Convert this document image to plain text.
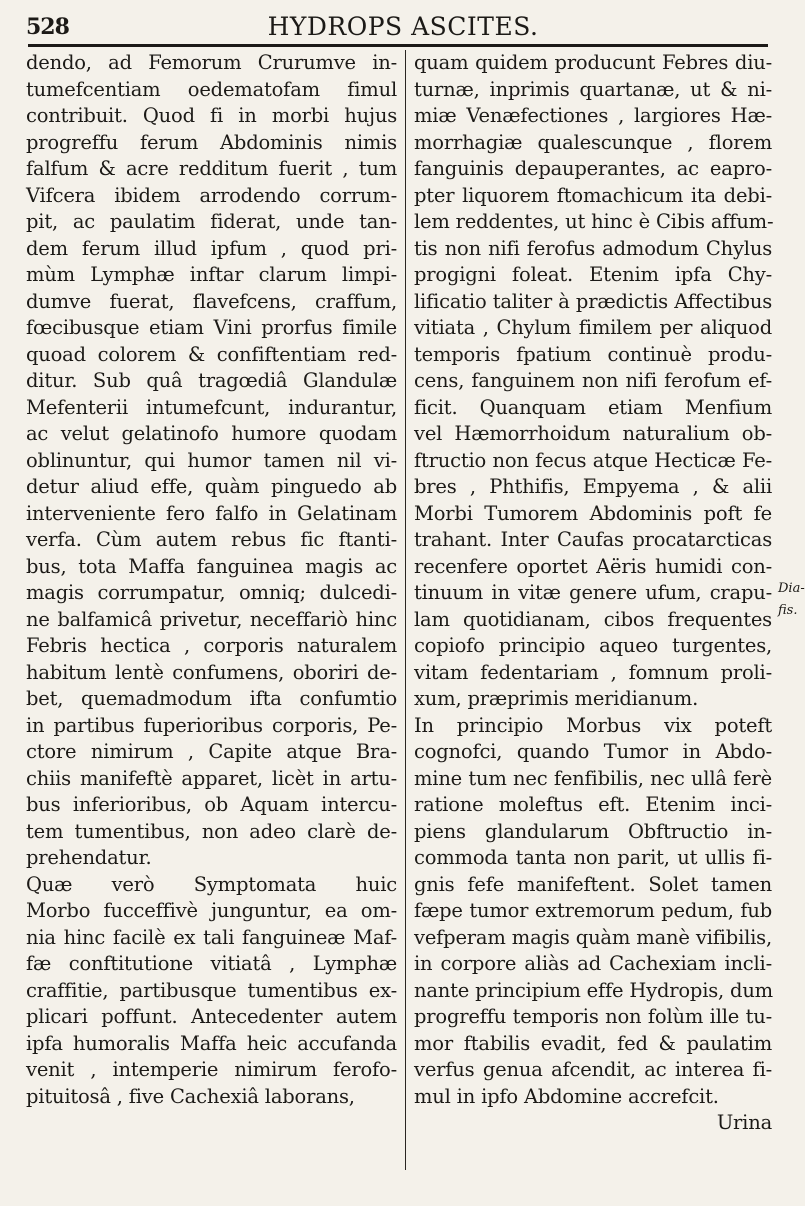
528	HYDROPS ASCITES.
dendo, ad Femorum Crurumve in-
tumefcentiam oedematofam fimul
contribuit. Quod fi in morbi hujus
progreffu ferum Abdominis nimis
falfum & acre redditum fuerit , tum
Vifcera ibidem arrodendo corrum-
pit, ac paulatim fiderat, unde tan-
dem ferum illud ipfum , quod pri-
mùm Lymphæ inftar clarum limpi-
dumve fuerat, flavefcens, craffum,
fœcibusque etiam Vini prorfus fimile
quoad colorem & confiftentiam red-
ditur. Sub quâ tragœdiâ Glandulæ
Mefenterii intumefcunt, indurantur,
ac velut gelatinofo humore quodam
oblinuntur, qui humor tamen nil vi-
detur aliud effe, quàm pinguedo ab
interveniente fero falfo in Gelatinam
verfa. Cùm autem rebus fic ftanti-
bus, tota Maffa fanguinea magis ac
magis corrumpatur, omniq; dulcedi-
ne balfamicâ privetur, neceffariò hinc
Febris hectica , corporis naturalem
habitum lentè confumens, oboriri de-
bet, quemadmodum ifta confumtio
in partibus fuperioribus corporis, Pe-
ctore nimirum , Capite atque Bra-
chiis manifeftè apparet, licèt in artu-
bus inferioribus, ob Aquam intercu-
tem tumentibus, non adeo clarè de-
prehendatur.
Quæ verò Symptomata huic
Morbo fucceffivè junguntur, ea om-
nia hinc facilè ex tali fanguineæ Maf-
fæ conftitutione vitiatâ , Lymphæ
craffitie, partibusque tumentibus ex-
plicari poffunt. Antecedenter autem
ipfa humoralis Maffa heic accufanda
venit , intemperie nimirum ferofo-
pituitosâ , five Cachexiâ laborans,
quam quidem producunt Febres diu-
turnæ, inprimis quartanæ, ut & ni-
miæ Venæfectiones , largiores Hæ-
morrhagiæ qualescunque , florem
fanguinis depauperantes, ac eapro-
pter liquorem ftomachicum ita debi-
lem reddentes, ut hinc è Cibis affum-
tis non nifi ferofus admodum Chylus
progigni foleat. Etenim ipfa Chy-
lificatio taliter à prædictis Affectibus
vitiata , Chylum fimilem per aliquod
temporis fpatium continuè produ-
cens, fanguinem non nifi ferofum ef-
ficit. Quanquam etiam Menfium
vel Hæmorrhoidum naturalium ob-
ftructio non fecus atque Hecticæ Fe-
bres , Phthifis, Empyema , & alii
Morbi Tumorem Abdominis poft fe
trahant. Inter Caufas procatarcticas
recenfere oportet Aëris humidi con-
tinuum in vitæ genere ufum, crapu-
lam quotidianam, cibos frequentes
copiofo principio aqueo turgentes,
vitam fedentariam , fomnum proli-
xum, præprimis meridianum.
In principio Morbus vix poteft
cognofci, quando Tumor in Abdo-
mine tum nec fenfibilis, nec ullâ ferè
ratione moleftus eft. Etenim inci-
piens glandularum Obftructio in-
commoda tanta non parit, ut ullis fi-
gnis fefe manifeftent. Solet tamen
fæpe tumor extremorum pedum, fub
vefperam magis quàm manè vifibilis,
in corpore aliàs ad Cachexiam incli-
nante principium effe Hydropis, dum
progreffu temporis non folùm ille tu-
mor ftabilis evadit, fed & paulatim
verfus genua afcendit, ac interea fi-
mul in ipfo Abdomine accrefcit.
Urina
Dia-
fis.
